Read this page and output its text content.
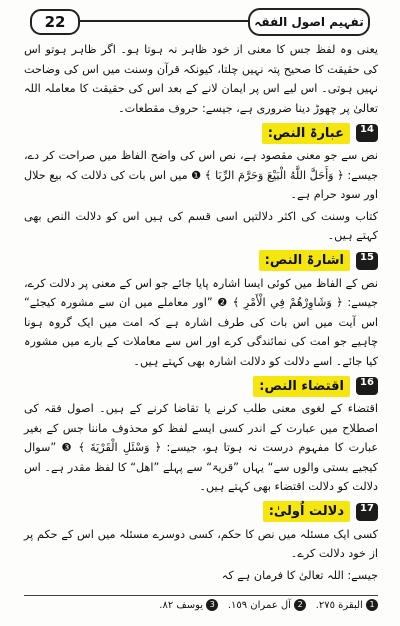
22	تفہیم اصول الفقہ

یعنی وہ لفظ جس کا معنی از خود ظاہر نہ ہوتا ہو۔ اگر ظاہر ہوتو اس کی حقیقت کا صحیح پتہ نہیں چلتا، کیونکہ قرآن وسنت میں اس کی وضاحت نہیں ہوتی۔ اس لیے اس پر ایمان لانے کے بعد اس کی حقیقت کا معاملہ اللہ تعالیٰ پر چھوڑ دینا ضروری ہے، جیسے: حروف مقطعات۔

14
عبارۃ النص:

نص سے جو معنی مقصود ہے، نص اس کی واضح الفاظ میں صراحت کر دے، جیسے: ﴿ وَأَحَلَّ اللَّهُ الْبَيْعَ وَحَرَّمَ الرِّبَا ﴾ ❶ میں اس بات کی دلالت کہ بیع حلال اور سود حرام ہے۔

کتاب وسنت کی اکثر دلالتیں اسی قسم کی ہیں اس کو دلالت النص بھی کہتے ہیں۔

15
اشارۃ النص:

نص کے الفاظ میں کوئی ایسا اشارہ پایا جائے جو اس کے معنی پر دلالت کرے، جیسے: ﴿ وَشَاوِرْهُمْ فِي الْأَمْرِ ﴾ ❷ ”اور معاملے میں ان سے مشورہ کیجئے“ اس آیت میں اس بات کی طرف اشارہ ہے کہ امت میں ایک گروہ ہونا چاہیے جو امت کی نمائندگی کرے اور اس سے معاملات کے بارے میں مشورہ کیا جائے۔ اسے دلالت کو دلالت اشارہ بھی کہتے ہیں۔

16
اقتضاء النص:

اقتضاء کے لغوی معنی طلب کرنے یا تقاضا کرنے کے ہیں۔ اصول فقہ کی اصطلاح میں عبارت کے اندر کسی ایسے لفظ کو محذوف ماننا جس کے بغیر عبارت کا مفہوم درست نہ ہوتا ہو، جیسے: ﴿ وَسْئَلِ الْقَرْيَةَ ﴾ ❸ ”سوال کیجیے بستی والوں سے“ یہاں ”قریۃ“ سے پہلے ”اهل“ کا لفظ مقدر ہے۔ اس دلالت کو دلالت اقتضاء بھی کہتے ہیں۔

17
دلالت اُولیٰ:

کسی ایک مسئلہ میں نص کا حکم، کسی دوسرے مسئلہ میں اس کے حکم پر از خود دلالت کرے۔

جیسے: اللہ تعالیٰ کا فرمان ہے کہ

1 البقرة ٢٧٥.   2 آل عمران ١٥٩.   3 يوسف ٨٢.
